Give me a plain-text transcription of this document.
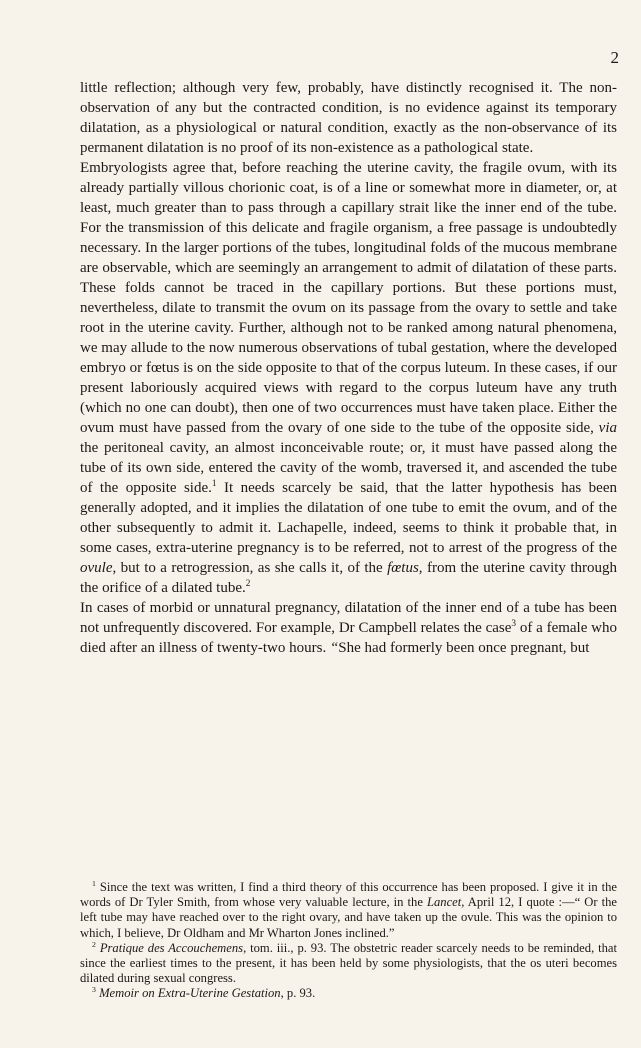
2

little reflection; although very few, probably, have distinctly recognised it. The non-observation of any but the contracted condition, is no evidence against its temporary dilatation, as a physiological or natural condition, exactly as the non-observance of its permanent dilatation is no proof of its non-existence as a pathological state.

Embryologists agree that, before reaching the uterine cavity, the fragile ovum, with its already partially villous chorionic coat, is of a line or somewhat more in diameter, or, at least, much greater than to pass through a capillary strait like the inner end of the tube. For the transmission of this delicate and fragile organism, a free passage is undoubtedly necessary. In the larger portions of the tubes, longitudinal folds of the mucous membrane are observable, which are seemingly an arrangement to admit of dilatation of these parts. These folds cannot be traced in the capillary portions. But these portions must, nevertheless, dilate to transmit the ovum on its passage from the ovary to settle and take root in the uterine cavity. Further, although not to be ranked among natural phenomena, we may allude to the now numerous observations of tubal gestation, where the developed embryo or fœtus is on the side opposite to that of the corpus luteum. In these cases, if our present laboriously acquired views with regard to the corpus luteum have any truth (which no one can doubt), then one of two occurrences must have taken place. Either the ovum must have passed from the ovary of one side to the tube of the opposite side, via the peritoneal cavity, an almost inconceivable route; or, it must have passed along the tube of its own side, entered the cavity of the womb, traversed it, and ascended the tube of the opposite side.$^1$ It needs scarcely be said, that the latter hypothesis has been generally adopted, and it implies the dilatation of one tube to emit the ovum, and of the other subsequently to admit it. Lachapelle, indeed, seems to think it probable that, in some cases, extra-uterine pregnancy is to be referred, not to arrest of the progress of the ovule, but to a retrogression, as she calls it, of the fœtus, from the uterine cavity through the orifice of a dilated tube.$^2$

In cases of morbid or unnatural pregnancy, dilatation of the inner end of a tube has been not unfrequently discovered. For example, Dr Campbell relates the case$^3$ of a female who died after an illness of twenty-two hours. “She had formerly been once pregnant, but

$^1$ Since the text was written, I find a third theory of this occurrence has been proposed. I give it in the words of Dr Tyler Smith, from whose very valuable lecture, in the Lancet, April 12, I quote :—“ Or the left tube may have reached over to the right ovary, and have taken up the ovule. This was the opinion to which, I believe, Dr Oldham and Mr Wharton Jones inclined.”

$^2$ Pratique des Accouchemens, tom. iii., p. 93. The obstetric reader scarcely needs to be reminded, that since the earliest times to the present, it has been held by some physiologists, that the os uteri becomes dilated during sexual congress.

$^3$ Memoir on Extra-Uterine Gestation, p. 93.
